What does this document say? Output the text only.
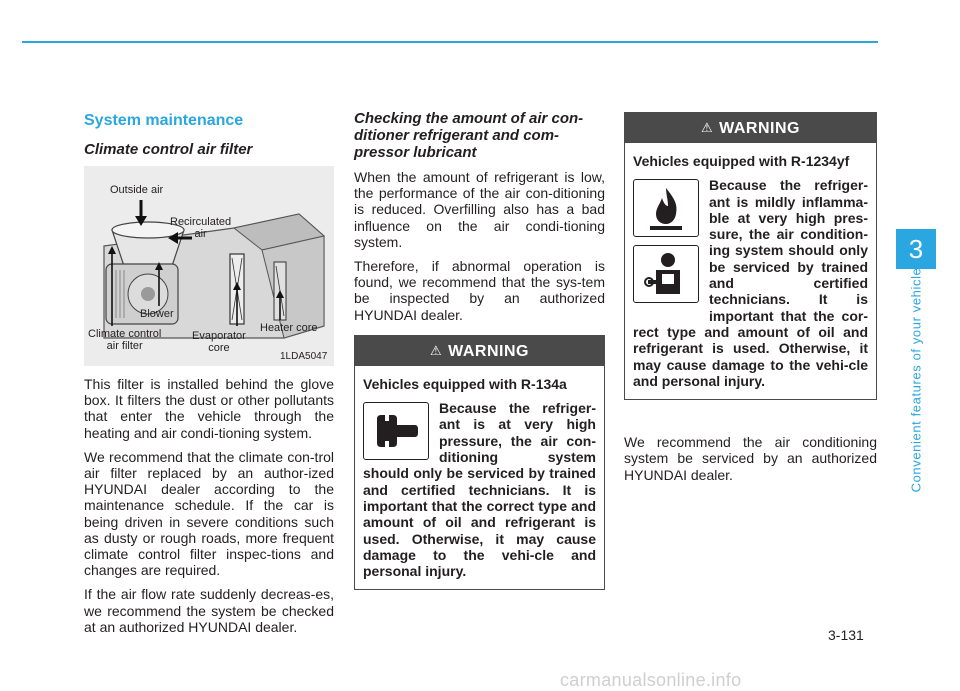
3
Convenient features of your vehicle
System maintenance
Climate control air filter
Outside air
Recirculated
air
Blower
Climate control
air filter
Evaporator
core
Heater core
1LDA5047

This filter is installed behind the glove box. It filters the dust or other pollutants that enter the vehicle through the heating and air condi-tioning system.

We recommend that the climate con-trol air filter replaced by an author-ized HYUNDAI dealer according to the maintenance schedule. If the car is being driven in severe conditions such as dusty or rough roads, more frequent climate control filter inspec-tions and changes are required.

If the air flow rate suddenly decreas-es, we recommend the system be checked at an authorized HYUNDAI dealer.

Checking the amount of air con-ditioner refrigerant and com-pressor lubricant

When the amount of refrigerant is low, the performance of the air con-ditioning is reduced. Overfilling also has a bad influence on the air condi-tioning system.

Therefore, if abnormal operation is found, we recommend that the sys-tem be inspected by an authorized HYUNDAI dealer.

⚠ WARNING
Vehicles equipped with R-134a

Because the refriger-ant is at very high pressure, the air con-ditioning system should only be serviced by trained and certified technicians. It is important that the correct type and amount of oil and refrigerant is used. Otherwise, it may cause damage to the vehi-cle and personal injury.

⚠ WARNING
Vehicles equipped with R-1234yf

Because the refriger-ant is mildly inflamma-ble at very high pres-sure, the air condition-ing system should only be serviced by trained and certified technicians. It is important that the cor-rect type and amount of oil and refrigerant is used. Otherwise, it may cause damage to the vehi-cle and personal injury.

We recommend the air conditioning system be serviced by an authorized HYUNDAI dealer.

3-131
carmanualsonline.info
